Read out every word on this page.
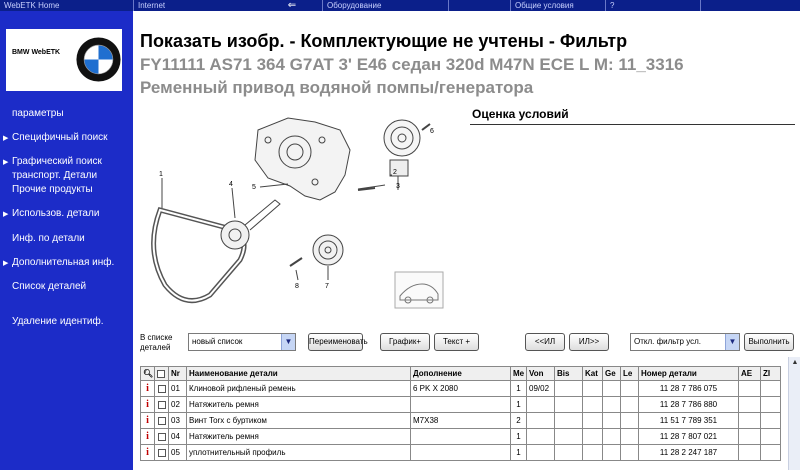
WebETK Home	Internet	⇐	Оборудование	Общие условия	?
BMW WebETK
параметры
▶ Специфичный поиск
▶ Графический поиск
транспорт. Детали
Прочие продукты
▶ Использов. детали
Инф. по детали
▶ Дополнительная инф.
Список деталей
Удаление идентиф.
Показать изобр. - Комплектующие не учтены - Фильтр
FY11111 AS71 364 G7AT 3' E46 седан 320d M47N ECE L M: 11_3316
Ременный привод водяной помпы/генератора
1	2
3
4	5
6
7
8
Оценка условий
В списке
деталей
новый список	▼	Переименовать	График+	Текст +	<<ИЛ	ИЛ>>	Откл. фильтр усл.	▼	Выполнить
🔍︎		Nr	Наименование детали	Дополнение	Me	Von	Bis	Kat	Ge	Le	Номер детали	AE	ZI
i		01	Клиновой рифленый ремень	6 PK X 2080	1	09/02					11 28 7 786 075		
i		02	Натяжитель ремня		1						11 28 7 786 880		
i		03	Винт Torx с буртиком	M7X38	2						11 51 7 789 351		
i		04	Натяжитель ремня		1						11 28 7 807 021		
i		05	уплотнительный профиль		1						11 28 2 247 187		
▲
